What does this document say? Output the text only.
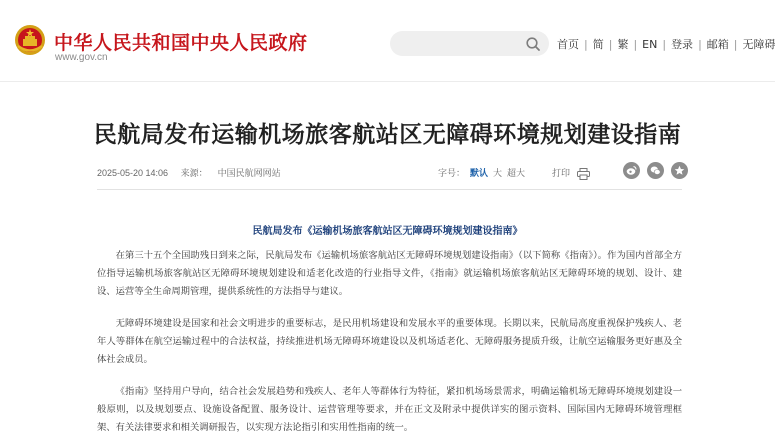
中华人民共和国中央人民政府
www.gov.cn
首页 | 简 | 繁 | EN | 登录 | 邮箱 | 无障碍
民航局发布运输机场旅客航站区无障碍环境规划建设指南
2025-05-20 14:06 来源： 中国民航网网站	字号： 默认 大 超大	打印
民航局发布《运输机场旅客航站区无障碍环境规划建设指南》

在第三十五个全国助残日到来之际，民航局发布《运输机场旅客航站区无障碍环境规划建设指南》（以下简称《指南》）。作为国内首部全方位指导运输机场旅客航站区无障碍环境规划建设和适老化改造的行业指导文件，《指南》就运输机场旅客航站区无障碍环境的规划、设计、建设、运营等全生命周期管理，提供系统性的方法指导与建议。

无障碍环境建设是国家和社会文明进步的重要标志，是民用机场建设和发展水平的重要体现。长期以来，民航局高度重视保护残疾人、老年人等群体在航空运输过程中的合法权益，持续推进机场无障碍环境建设以及机场适老化、无障碍服务提质升级，让航空运输服务更好惠及全体社会成员。

《指南》坚持用户导向，结合社会发展趋势和残疾人、老年人等群体行为特征，紧扣机场场景需求，明确运输机场无障碍环境规划建设一般原则，以及规划要点、设施设备配置、服务设计、运营管理等要求，并在正文及附录中提供详实的图示资料、国际国内无障碍环境管理框架、有关法律要求和相关调研报告，以实现方法论指引和实用性指南的统一。
